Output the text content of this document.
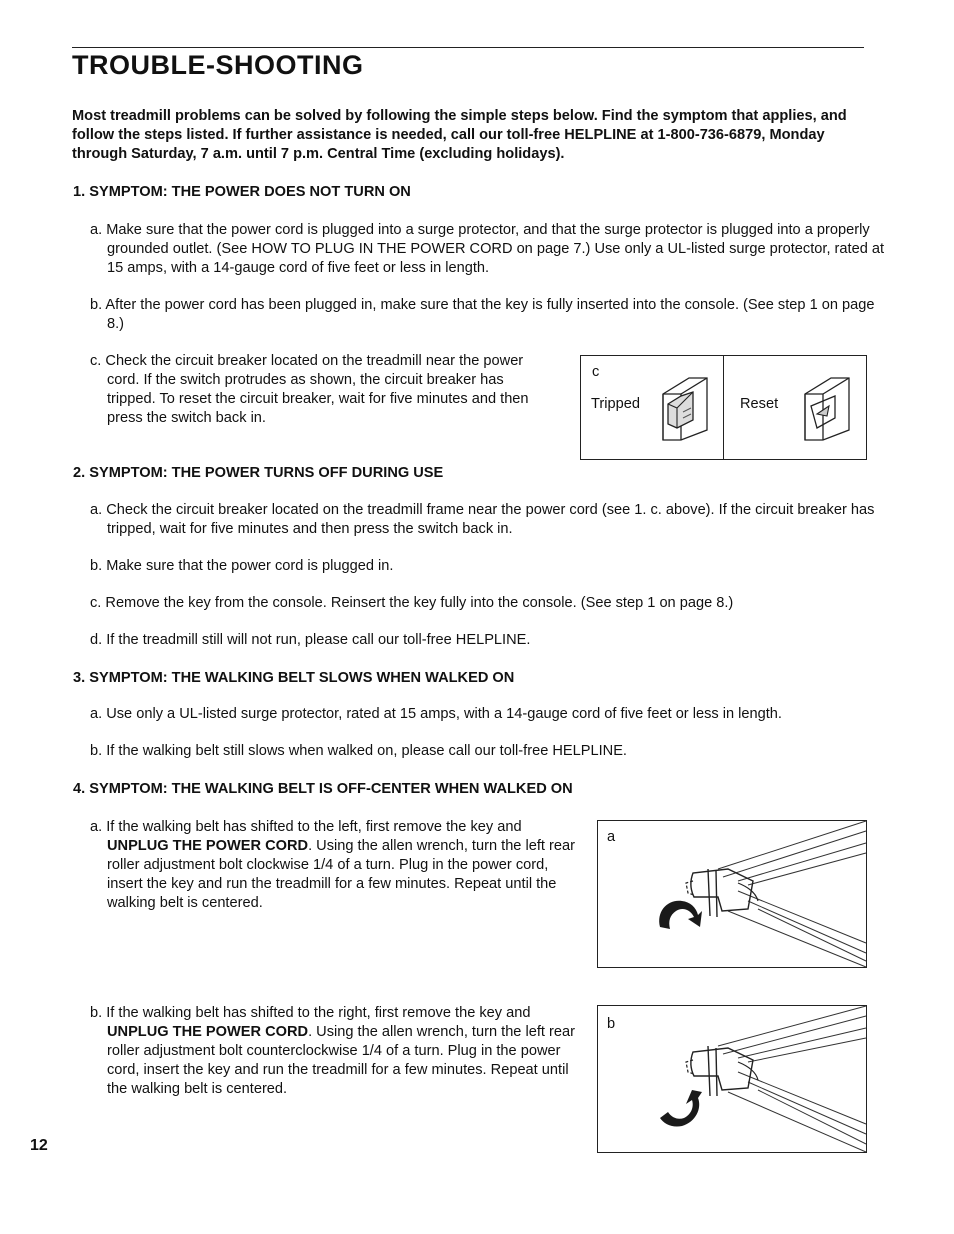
TROUBLE-SHOOTING

Most treadmill problems can be solved by following the simple steps below. Find the symptom that applies, and follow the steps listed. If further assistance is needed, call our toll-free HELPLINE at 1-800-736-6879, Monday through Saturday, 7 a.m. until 7 p.m. Central Time (excluding holidays).

1. SYMPTOM: THE POWER DOES NOT TURN ON

a. Make sure that the power cord is plugged into a surge protector, and that the surge protector is plugged into a properly grounded outlet. (See HOW TO PLUG IN THE POWER CORD on page 7.) Use only a UL-listed surge protector, rated at 15 amps, with a 14-gauge cord of five feet or less in length.

b. After the power cord has been plugged in, make sure that the key is fully inserted into the console. (See step 1 on page 8.)

c. Check the circuit breaker located on the treadmill near the power cord. If the switch protrudes as shown, the circuit breaker has tripped. To reset the circuit breaker, wait for five minutes and then press the switch back in.

c
Tripped	Reset

2. SYMPTOM: THE POWER TURNS OFF DURING USE

a. Check the circuit breaker located on the treadmill frame near the power cord (see 1. c. above). If the circuit breaker has tripped, wait for five minutes and then press the switch back in.

b. Make sure that the power cord is plugged in.

c. Remove the key from the console. Reinsert the key fully into the console. (See step 1 on page 8.)

d. If the treadmill still will not run, please call our toll-free HELPLINE.

3. SYMPTOM: THE WALKING BELT SLOWS WHEN WALKED ON

a. Use only a UL-listed surge protector, rated at 15 amps, with a 14-gauge cord of five feet or less in length.

b. If the walking belt still slows when walked on, please call our toll-free HELPLINE.

4. SYMPTOM: THE WALKING BELT IS OFF-CENTER WHEN WALKED ON

a. If the walking belt has shifted to the left, first remove the key and UNPLUG THE POWER CORD. Using the allen wrench, turn the left rear roller adjustment bolt clockwise 1/4 of a turn. Plug in the power cord, insert the key and run the treadmill for a few minutes. Repeat until the walking belt is centered.

b. If the walking belt has shifted to the right, first remove the key and UNPLUG THE POWER CORD. Using the allen wrench, turn the left rear roller adjustment bolt counterclockwise 1/4 of a turn. Plug in the power cord, insert the key and run the treadmill for a few minutes. Repeat until the walking belt is centered.

a
b
12
